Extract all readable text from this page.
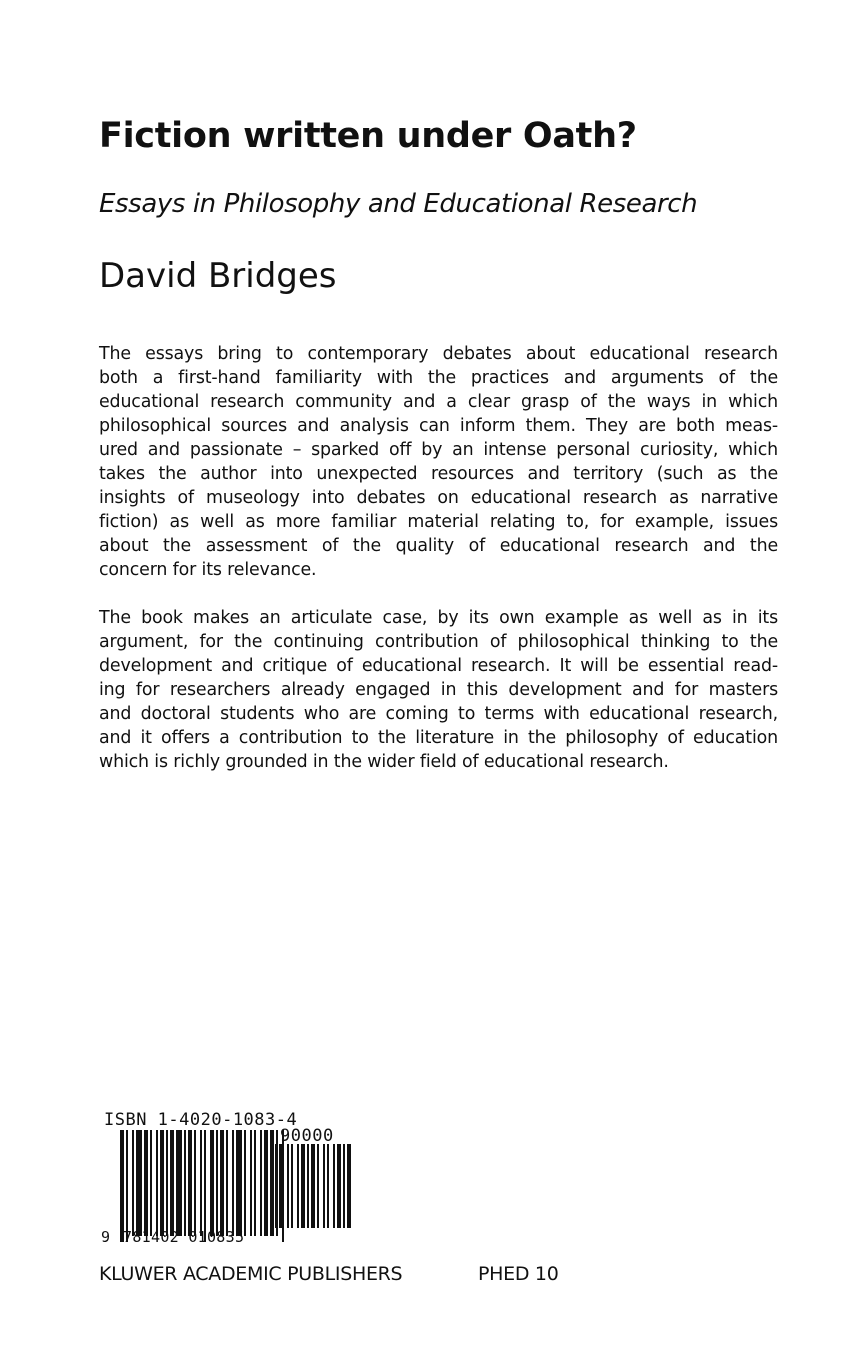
Fiction written under Oath?
Essays in Philosophy and Educational Research
David Bridges

The essays bring to contemporary debates about educational research
both a first-hand familiarity with the practices and arguments of the
educational research community and a clear grasp of the ways in which
philosophical sources and analysis can inform them. They are both meas-
ured and passionate – sparked off by an intense personal curiosity, which
takes the author into unexpected resources and territory (such as the
insights of museology into debates on educational research as narrative
fiction) as well as more familiar material relating to, for example, issues
about the assessment of the quality of educational research and the
concern for its relevance.

The book makes an articulate case, by its own example as well as in its
argument, for the continuing contribution of philosophical thinking to the
development and critique of educational research. It will be essential read-
ing for researchers already engaged in this development and for masters
and doctoral students who are coming to terms with educational research,
and it offers a contribution to the literature in the philosophy of education
which is richly grounded in the wider field of educational research.

ISBN 1-4020-1083-4
90000
9 781402 010835
KLUWER ACADEMIC PUBLISHERS	PHED 10
